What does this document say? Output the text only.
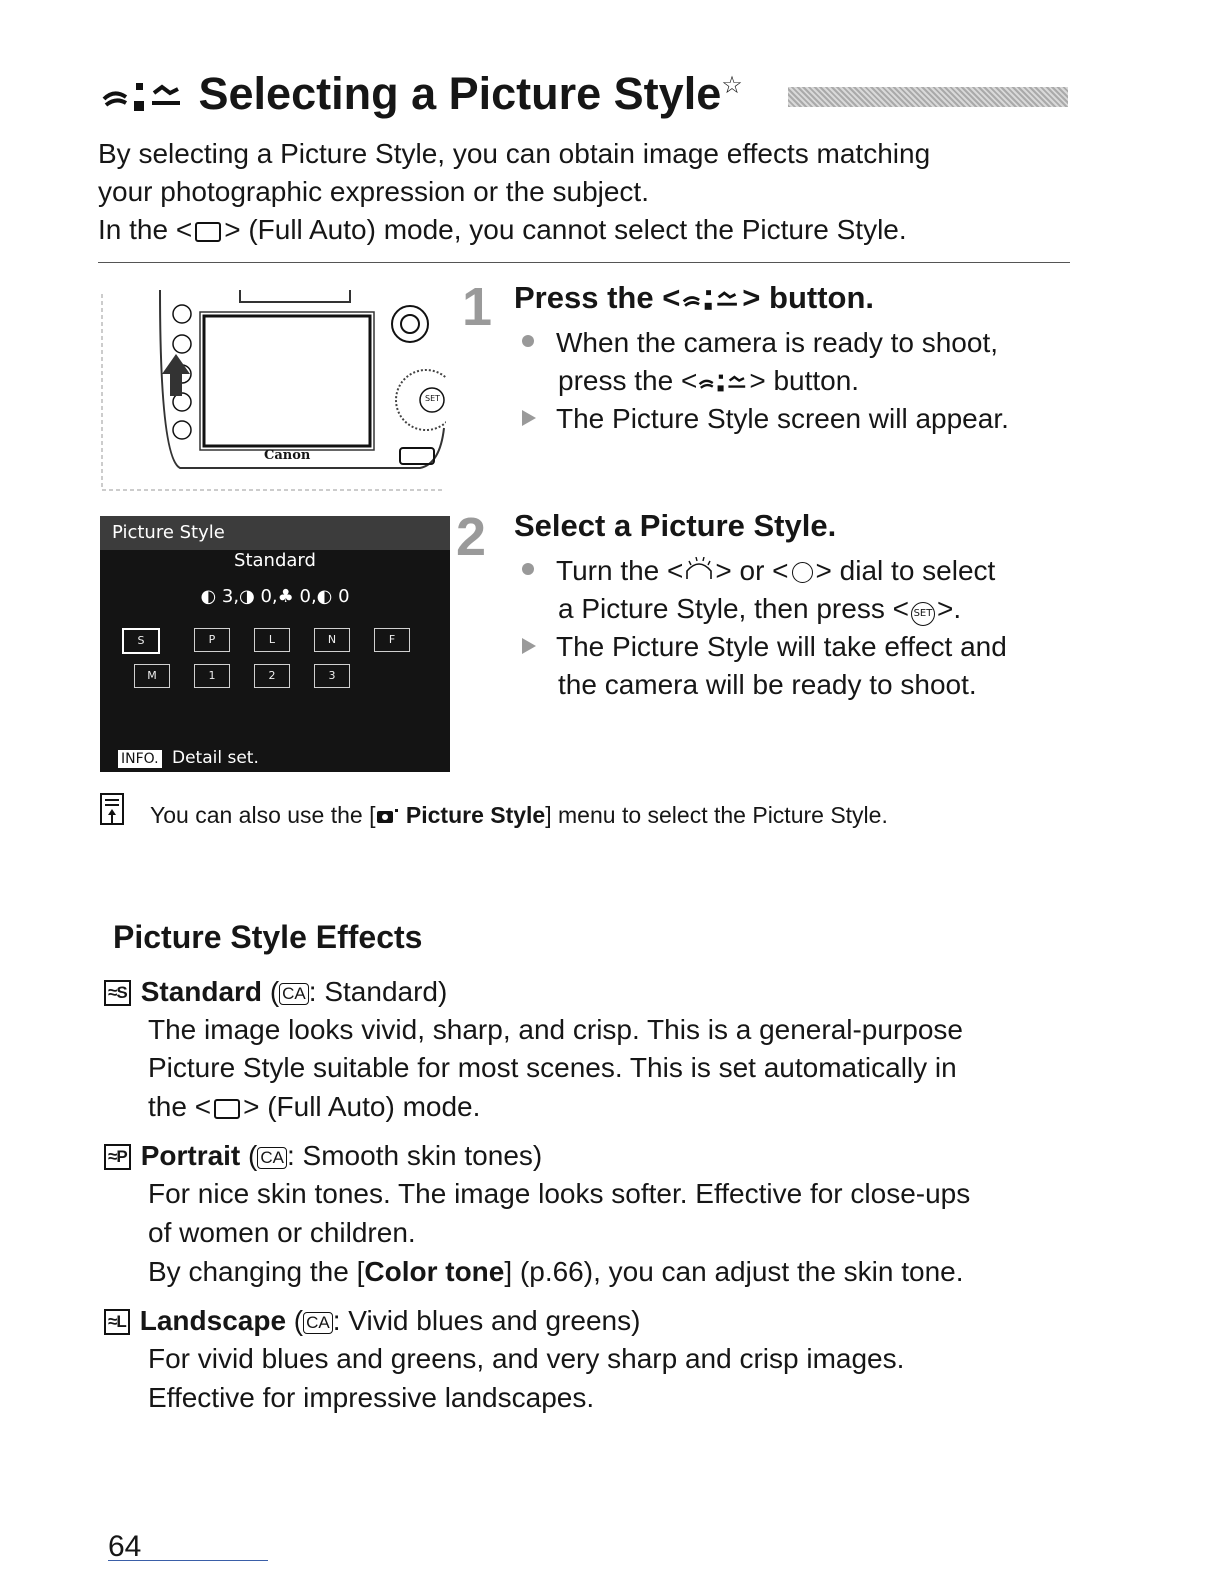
Selecting a Picture Style☆
By selecting a Picture Style, you can obtain image effects matching
your photographic expression or the subject.
In the < > (Full Auto) mode, you cannot select the Picture Style.
Canon
SET
1 Press the < > button.
When the camera is ready to shoot,
press the < > button.
The Picture Style screen will appear.
Picture Style
Standard
◐ 3,◑ 0,♣ 0,◐ 0
S	P	L	N	F
M	1	2	3
INFO. Detail set.
2 Select a Picture Style.
Turn the < > or < > dial to select
a Picture Style, then press < SET >.
The Picture Style will take effect and
the camera will be ready to shoot.
You can also use the [ Picture Style] menu to select the Picture Style.
Picture Style Effects
≈S Standard ( CA : Standard)
The image looks vivid, sharp, and crisp. This is a general-purpose
Picture Style suitable for most scenes. This is set automatically in
the < > (Full Auto) mode.
≈P Portrait ( CA : Smooth skin tones)
For nice skin tones. The image looks softer. Effective for close-ups
of women or children.
By changing the [Color tone] (p.66), you can adjust the skin tone.
≈L Landscape ( CA : Vivid blues and greens)
For vivid blues and greens, and very sharp and crisp images.
Effective for impressive landscapes.
64
